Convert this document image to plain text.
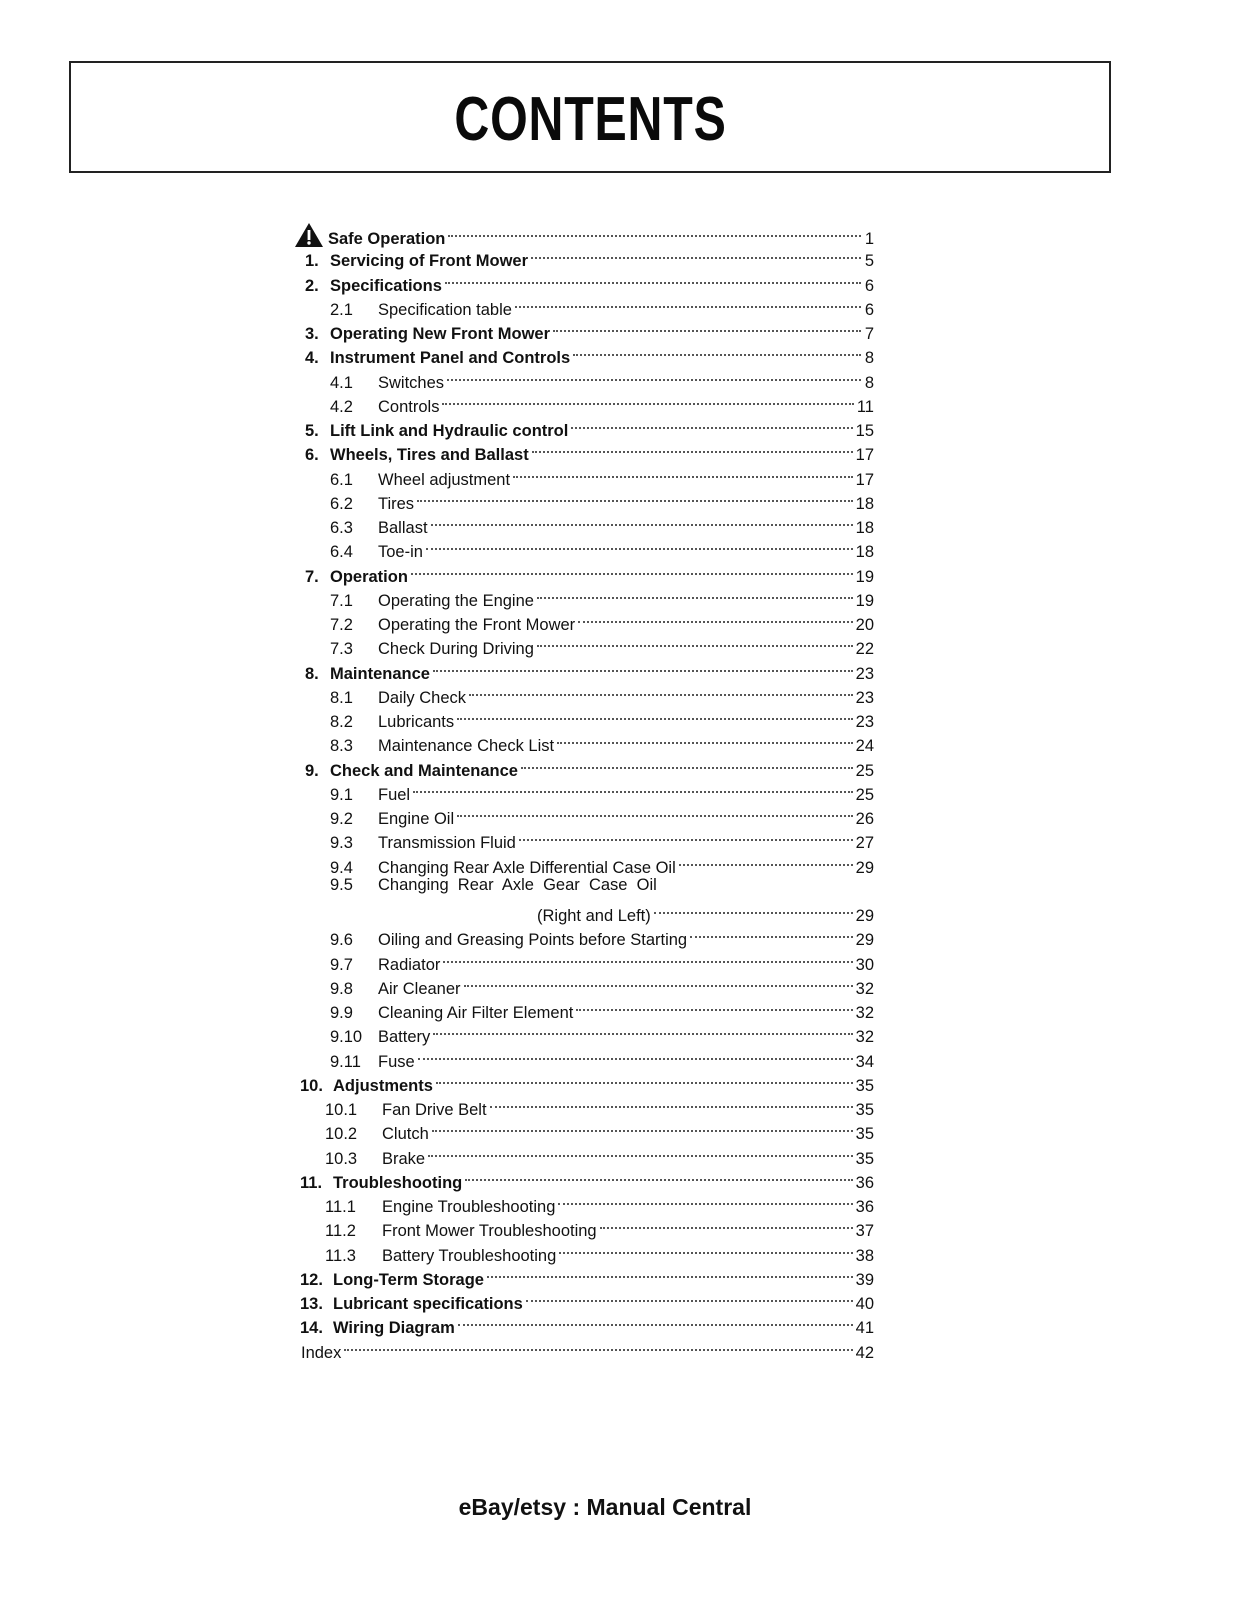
CONTENTS
Safe Operation	1
1. Servicing of Front Mower	5
2. Specifications	6
2.1	Specification table	6
3. Operating New Front Mower	7
4. Instrument Panel and Controls	8
4.1	Switches	8
4.2	Controls	11
5. Lift Link and Hydraulic control	15
6. Wheels, Tires and Ballast	17
6.1	Wheel adjustment	17
6.2	Tires	18
6.3	Ballast	18
6.4	Toe-in	18
7. Operation	19
7.1	Operating the Engine	19
7.2	Operating the Front Mower	20
7.3	Check During Driving	22
8. Maintenance	23
8.1	Daily Check	23
8.2	Lubricants	23
8.3	Maintenance Check List	24
9. Check and Maintenance	25
9.1	Fuel	25
9.2	Engine Oil	26
9.3	Transmission Fluid	27
9.4	Changing Rear Axle Differential Case Oil	29
9.5	Changing  Rear  Axle  Gear  Case  Oil
(Right and Left)	29
9.6	Oiling and Greasing Points before Starting	29
9.7	Radiator	30
9.8	Air Cleaner	32
9.9	Cleaning Air Filter Element	32
9.10 Battery	32
9.11	Fuse	34
10. Adjustments	35
10.1	Fan Drive Belt	35
10.2	Clutch	35
10.3	Brake	35
11. Troubleshooting	36
11.1	Engine Troubleshooting	36
11.2	Front Mower Troubleshooting	37
11.3	Battery Troubleshooting	38
12. Long-Term Storage	39
13. Lubricant specifications	40
14. Wiring Diagram	41
Index	42
eBay/etsy : Manual Central
